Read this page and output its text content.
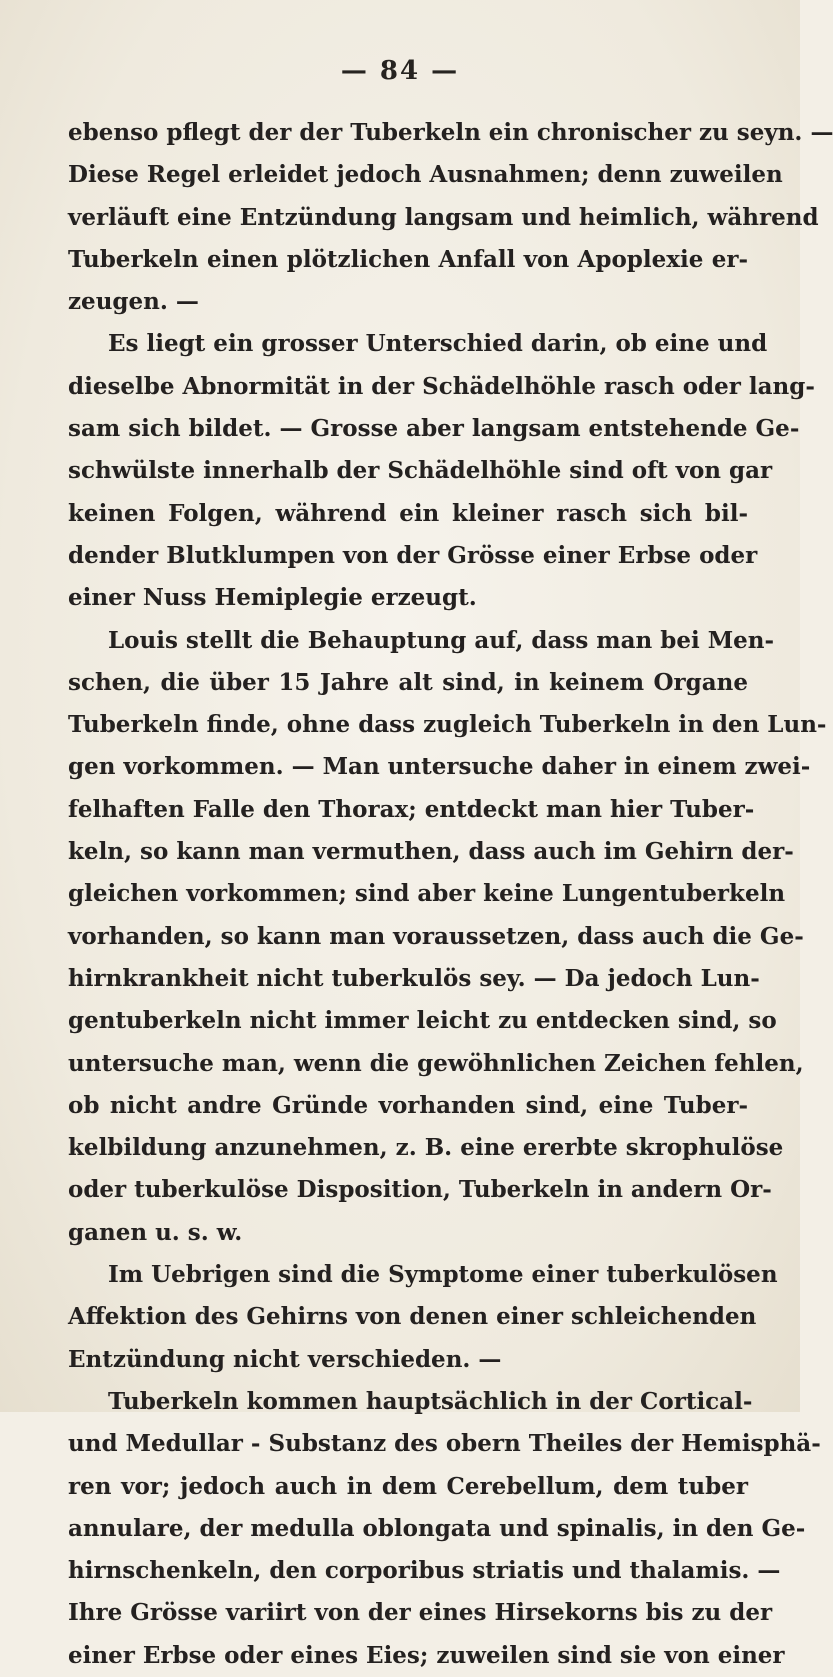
— 84 —
ebenso pflegt der der Tuberkeln ein chronischer zu seyn. —
Diese Regel erleidet jedoch Ausnahmen; denn zuweilen
verläuft eine Entzündung langsam und heimlich, während
Tuberkeln einen plötzlichen Anfall von Apoplexie er-
zeugen. —
Es liegt ein grosser Unterschied darin, ob eine und
dieselbe Abnormität in der Schädelhöhle rasch oder lang-
sam sich bildet. — Grosse aber langsam entstehende Ge-
schwülste innerhalb der Schädelhöhle sind oft von gar
keinen Folgen, während ein kleiner rasch sich bil-
dender Blutklumpen von der Grösse einer Erbse oder
einer Nuss Hemiplegie erzeugt.
Louis stellt die Behauptung auf, dass man bei Men-
schen, die über 15 Jahre alt sind, in keinem Organe
Tuberkeln finde, ohne dass zugleich Tuberkeln in den Lun-
gen vorkommen. — Man untersuche daher in einem zwei-
felhaften Falle den Thorax; entdeckt man hier Tuber-
keln, so kann man vermuthen, dass auch im Gehirn der-
gleichen vorkommen; sind aber keine Lungentuberkeln
vorhanden, so kann man voraussetzen, dass auch die Ge-
hirnkrankheit nicht tuberkulös sey. — Da jedoch Lun-
gentuberkeln nicht immer leicht zu entdecken sind, so
untersuche man, wenn die gewöhnlichen Zeichen fehlen,
ob nicht andre Gründe vorhanden sind, eine Tuber-
kelbildung anzunehmen, z. B. eine ererbte skrophulöse
oder tuberkulöse Disposition, Tuberkeln in andern Or-
ganen u. s. w.
Im Uebrigen sind die Symptome einer tuberkulösen
Affektion des Gehirns von denen einer schleichenden
Entzündung nicht verschieden. —
Tuberkeln kommen hauptsächlich in der Cortical-
und Medullar - Substanz des obern Theiles der Hemisphä-
ren vor; jedoch auch in dem Cerebellum, dem tuber
annulare, der medulla oblongata und spinalis, in den Ge-
hirnschenkeln, den corporibus striatis und thalamis. —
Ihre Grösse variirt von der eines Hirsekorns bis zu der
einer Erbse oder eines Eies; zuweilen sind sie von einer
